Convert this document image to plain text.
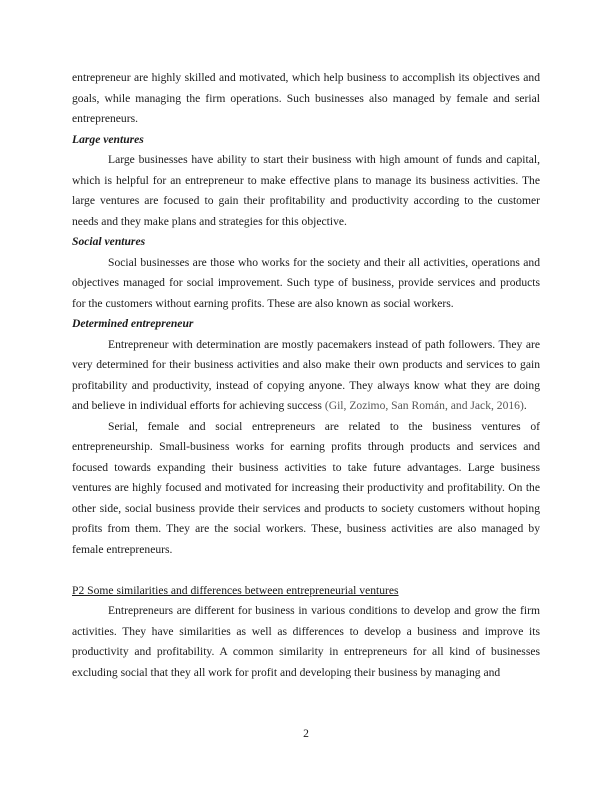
entrepreneur are highly skilled and motivated, which help business to accomplish its objectives and goals, while managing the firm operations. Such businesses also managed by female and serial entrepreneurs.

Large ventures

Large businesses have ability to start their business with high amount of funds and capital, which is helpful for an entrepreneur to make effective plans to manage its business activities. The large ventures are focused to gain their profitability and productivity according to the customer needs and they make plans and strategies for this objective.

Social ventures

Social businesses are those who works for the society and their all activities, operations and objectives managed for social improvement. Such type of business, provide services and products for the customers without earning profits. These are also known as social workers.

Determined entrepreneur

Entrepreneur with determination are mostly pacemakers instead of path followers. They are very determined for their business activities and also make their own products and services to gain profitability and productivity, instead of copying anyone. They always know what they are doing and believe in individual efforts for achieving success (Gil, Zozimo, San Román, and Jack, 2016).

Serial, female and social entrepreneurs are related to the business ventures of entrepreneurship. Small-business works for earning profits through products and services and focused towards expanding their business activities to take future advantages. Large business ventures are highly focused and motivated for increasing their productivity and profitability. On the other side, social business provide their services and products to society customers without hoping profits from them. They are the social workers. These, business activities are also managed by female entrepreneurs.

P2 Some similarities and differences between entrepreneurial ventures

Entrepreneurs are different for business in various conditions to develop and grow the firm activities. They have similarities as well as differences to develop a business and improve its productivity and profitability. A common similarity in entrepreneurs for all kind of businesses excluding social that they all work for profit and developing their business by managing and

2
